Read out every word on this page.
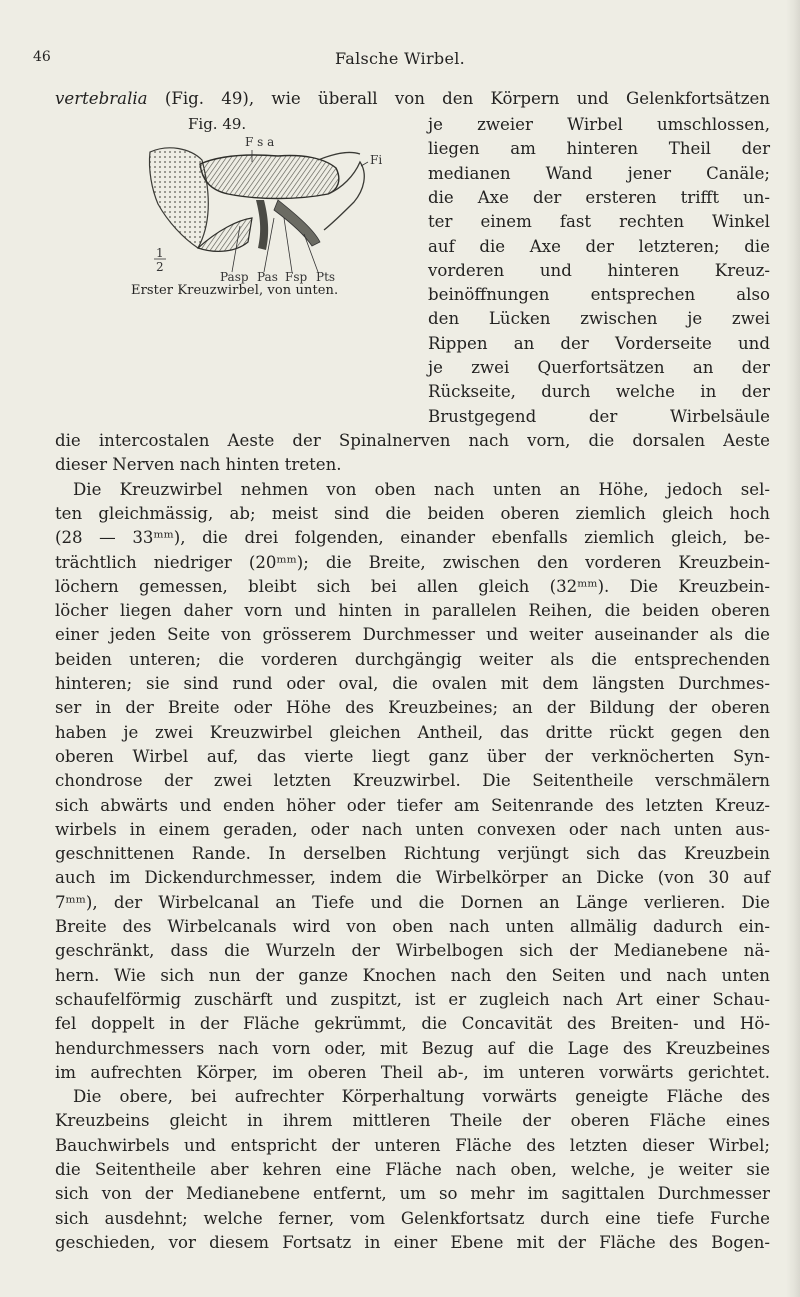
46	Falsche Wirbel.
vertebralia (Fig. 49), wie überall von den Körpern und Gelenkfortsätzen
Fig. 49.
F s a
Fi
1
2
Pasp Pas Fsp Pts
Erster Kreuzwirbel, von unten.
je zweier Wirbel umschlossen,
liegen am hinteren Theil der
medianen Wand jener Canäle;
die Axe der ersteren trifft un-
ter einem fast rechten Winkel
auf die Axe der letzteren; die
vorderen und hinteren Kreuz-
beinöffnungen entsprechen also
den Lücken zwischen je zwei
Rippen an der Vorderseite und
je zwei Querfortsätzen an der
Rückseite, durch welche in der
Brustgegend der Wirbelsäule
die intercostalen Aeste der Spinalnerven nach vorn, die dorsalen Aeste
dieser Nerven nach hinten treten.
Die Kreuzwirbel nehmen von oben nach unten an Höhe, jedoch sel-
ten gleichmässig, ab; meist sind die beiden oberen ziemlich gleich hoch
(28 — 33ᵐᵐ), die drei folgenden, einander ebenfalls ziemlich gleich, be-
trächtlich niedriger (20ᵐᵐ); die Breite, zwischen den vorderen Kreuzbein-
löchern gemessen, bleibt sich bei allen gleich (32ᵐᵐ). Die Kreuzbein-
löcher liegen daher vorn und hinten in parallelen Reihen, die beiden oberen
einer jeden Seite von grösserem Durchmesser und weiter auseinander als die
beiden unteren; die vorderen durchgängig weiter als die entsprechenden
hinteren; sie sind rund oder oval, die ovalen mit dem längsten Durchmes-
ser in der Breite oder Höhe des Kreuzbeines; an der Bildung der oberen
haben je zwei Kreuzwirbel gleichen Antheil, das dritte rückt gegen den
oberen Wirbel auf, das vierte liegt ganz über der verknöcherten Syn-
chondrose der zwei letzten Kreuzwirbel. Die Seitentheile verschmälern
sich abwärts und enden höher oder tiefer am Seitenrande des letzten Kreuz-
wirbels in einem geraden, oder nach unten convexen oder nach unten aus-
geschnittenen Rande. In derselben Richtung verjüngt sich das Kreuzbein
auch im Dickendurchmesser, indem die Wirbelkörper an Dicke (von 30 auf
7ᵐᵐ), der Wirbelcanal an Tiefe und die Dornen an Länge verlieren. Die
Breite des Wirbelcanals wird von oben nach unten allmälig dadurch ein-
geschränkt, dass die Wurzeln der Wirbelbogen sich der Medianebene nä-
hern. Wie sich nun der ganze Knochen nach den Seiten und nach unten
schaufelförmig zuschärft und zuspitzt, ist er zugleich nach Art einer Schau-
fel doppelt in der Fläche gekrümmt, die Concavität des Breiten- und Hö-
hendurchmessers nach vorn oder, mit Bezug auf die Lage des Kreuzbeines
im aufrechten Körper, im oberen Theil ab-, im unteren vorwärts gerichtet.
Die obere, bei aufrechter Körperhaltung vorwärts geneigte Fläche des
Kreuzbeins gleicht in ihrem mittleren Theile der oberen Fläche eines
Bauchwirbels und entspricht der unteren Fläche des letzten dieser Wirbel;
die Seitentheile aber kehren eine Fläche nach oben, welche, je weiter sie
sich von der Medianebene entfernt, um so mehr im sagittalen Durchmesser
sich ausdehnt; welche ferner, vom Gelenkfortsatz durch eine tiefe Furche
geschieden, vor diesem Fortsatz in einer Ebene mit der Fläche des Bogen-
